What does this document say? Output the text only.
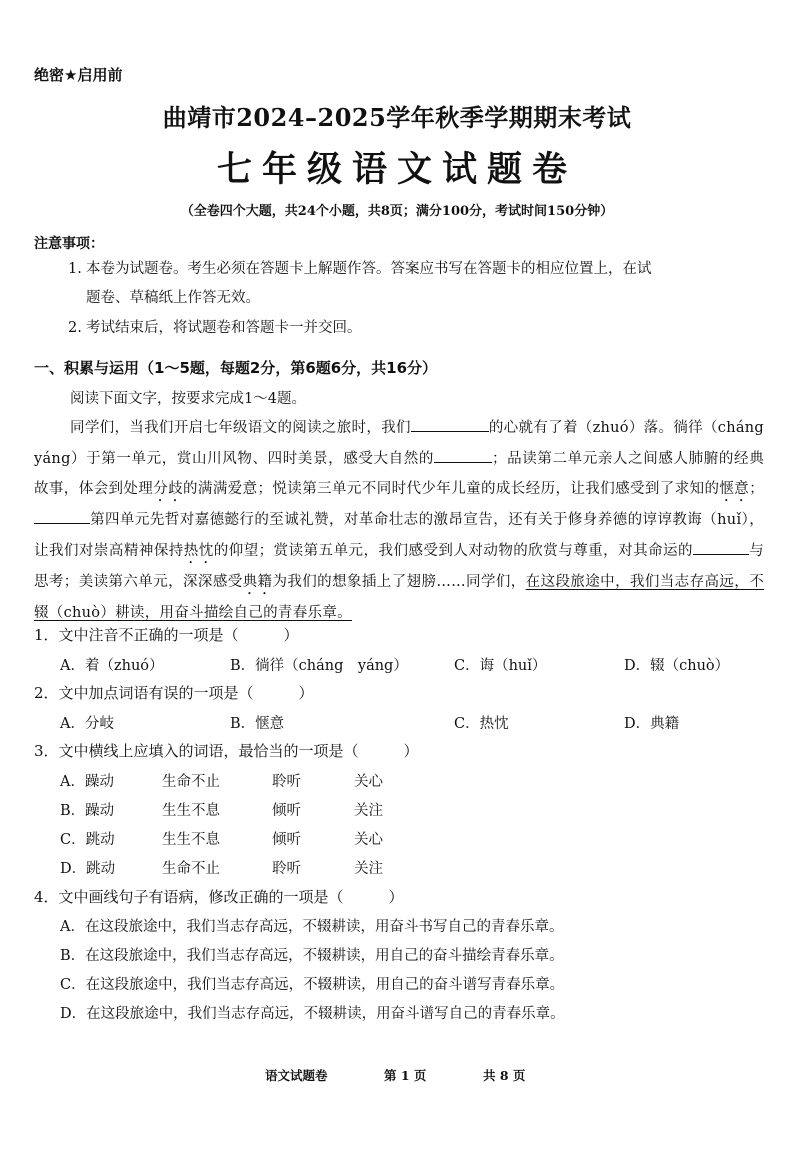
绝密★启用前
曲靖市2024–2025学年秋季学期期末考试
七年级语文试题卷
（全卷四个大题，共24个小题，共8页；满分100分，考试时间150分钟）
注意事项：
1. 本卷为试题卷。考生必须在答题卡上解题作答。答案应书写在答题卡的相应位置上，在试
题卷、草稿纸上作答无效。
2. 考试结束后，将试题卷和答题卡一并交回。
一、积累与运用（1～5题，每题2分，第6题6分，共16分）
阅读下面文字，按要求完成1～4题。
同学们，当我们开启七年级语文的阅读之旅时，我们	的心就有了着（zhuó）落。徜徉（cháng yáng）于第一单元，赏山川风物、四时美景，感受大自然的	；品读第二单元亲人之间感人肺腑的经典故事，体会到处理分歧的满满爱意；悦读第三单元不同时代少年儿童的成长经历，让我们感受到了求知的惬意；第四单元先哲对嘉德懿行的至诚礼赞，对革命壮志的激昂宣告，还有关于修身养德的谆谆教诲（huǐ），让我们对崇高精神保持热忱的仰望；赏读第五单元，我们感受到人对动物的欣赏与尊重，对其命运的	与思考；美读第六单元，深深感受典籍为我们的想象插上了翅膀……同学们，在这段旅途中，我们当志存高远，不辍（chuò）耕读，用奋斗描绘自己的青春乐章。
1．文中注音不正确的一项是（　　　）
A．着（zhuó）	B．徜徉（cháng　yáng）	C．诲（huǐ）	D．辍（chuò）
2．文中加点词语有误的一项是（　　　）
A．分岐	B．惬意	C．热忱	D．典籍
3．文中横线上应填入的词语，最恰当的一项是（　　　）
A．躁动	生命不止	聆听	关心
B．躁动	生生不息	倾听	关注
C．跳动	生生不息	倾听	关心
D．跳动	生命不止	聆听	关注
4．文中画线句子有语病，修改正确的一项是（　　　）
A．在这段旅途中，我们当志存高远，不辍耕读，用奋斗书写自己的青春乐章。
B．在这段旅途中，我们当志存高远，不辍耕读，用自己的奋斗描绘青春乐章。
C．在这段旅途中，我们当志存高远，不辍耕读，用自己的奋斗谱写青春乐章。
D．在这段旅途中，我们当志存高远，不辍耕读，用奋斗谱写自己的青春乐章。
语文试题卷	第 1 页	共 8 页
